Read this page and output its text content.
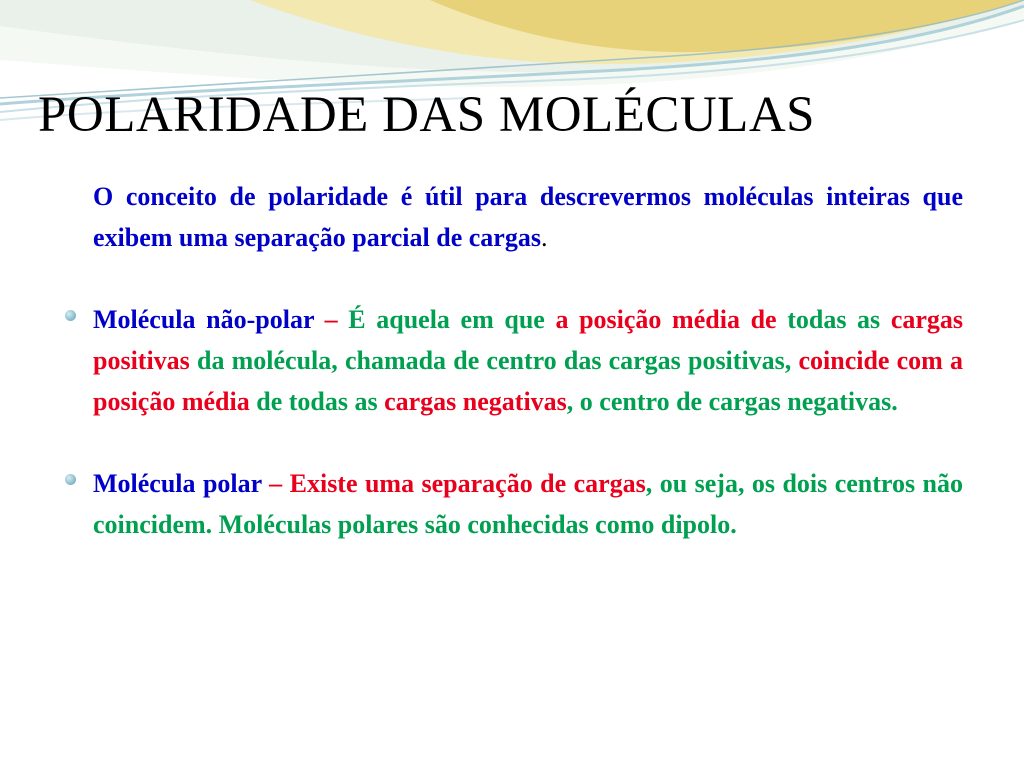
POLARIDADE DAS MOLÉCULAS

O conceito de polaridade é útil para descrevermos moléculas inteiras que exibem uma separação parcial de cargas.

Molécula não-polar – É aquela em que a posição média de todas as cargas positivas da molécula, chamada de centro das cargas positivas, coincide com a posição média de todas as cargas negativas, o centro de cargas negativas.

Molécula polar – Existe uma separação de cargas, ou seja, os dois centros não coincidem. Moléculas polares são conhecidas como dipolo.
